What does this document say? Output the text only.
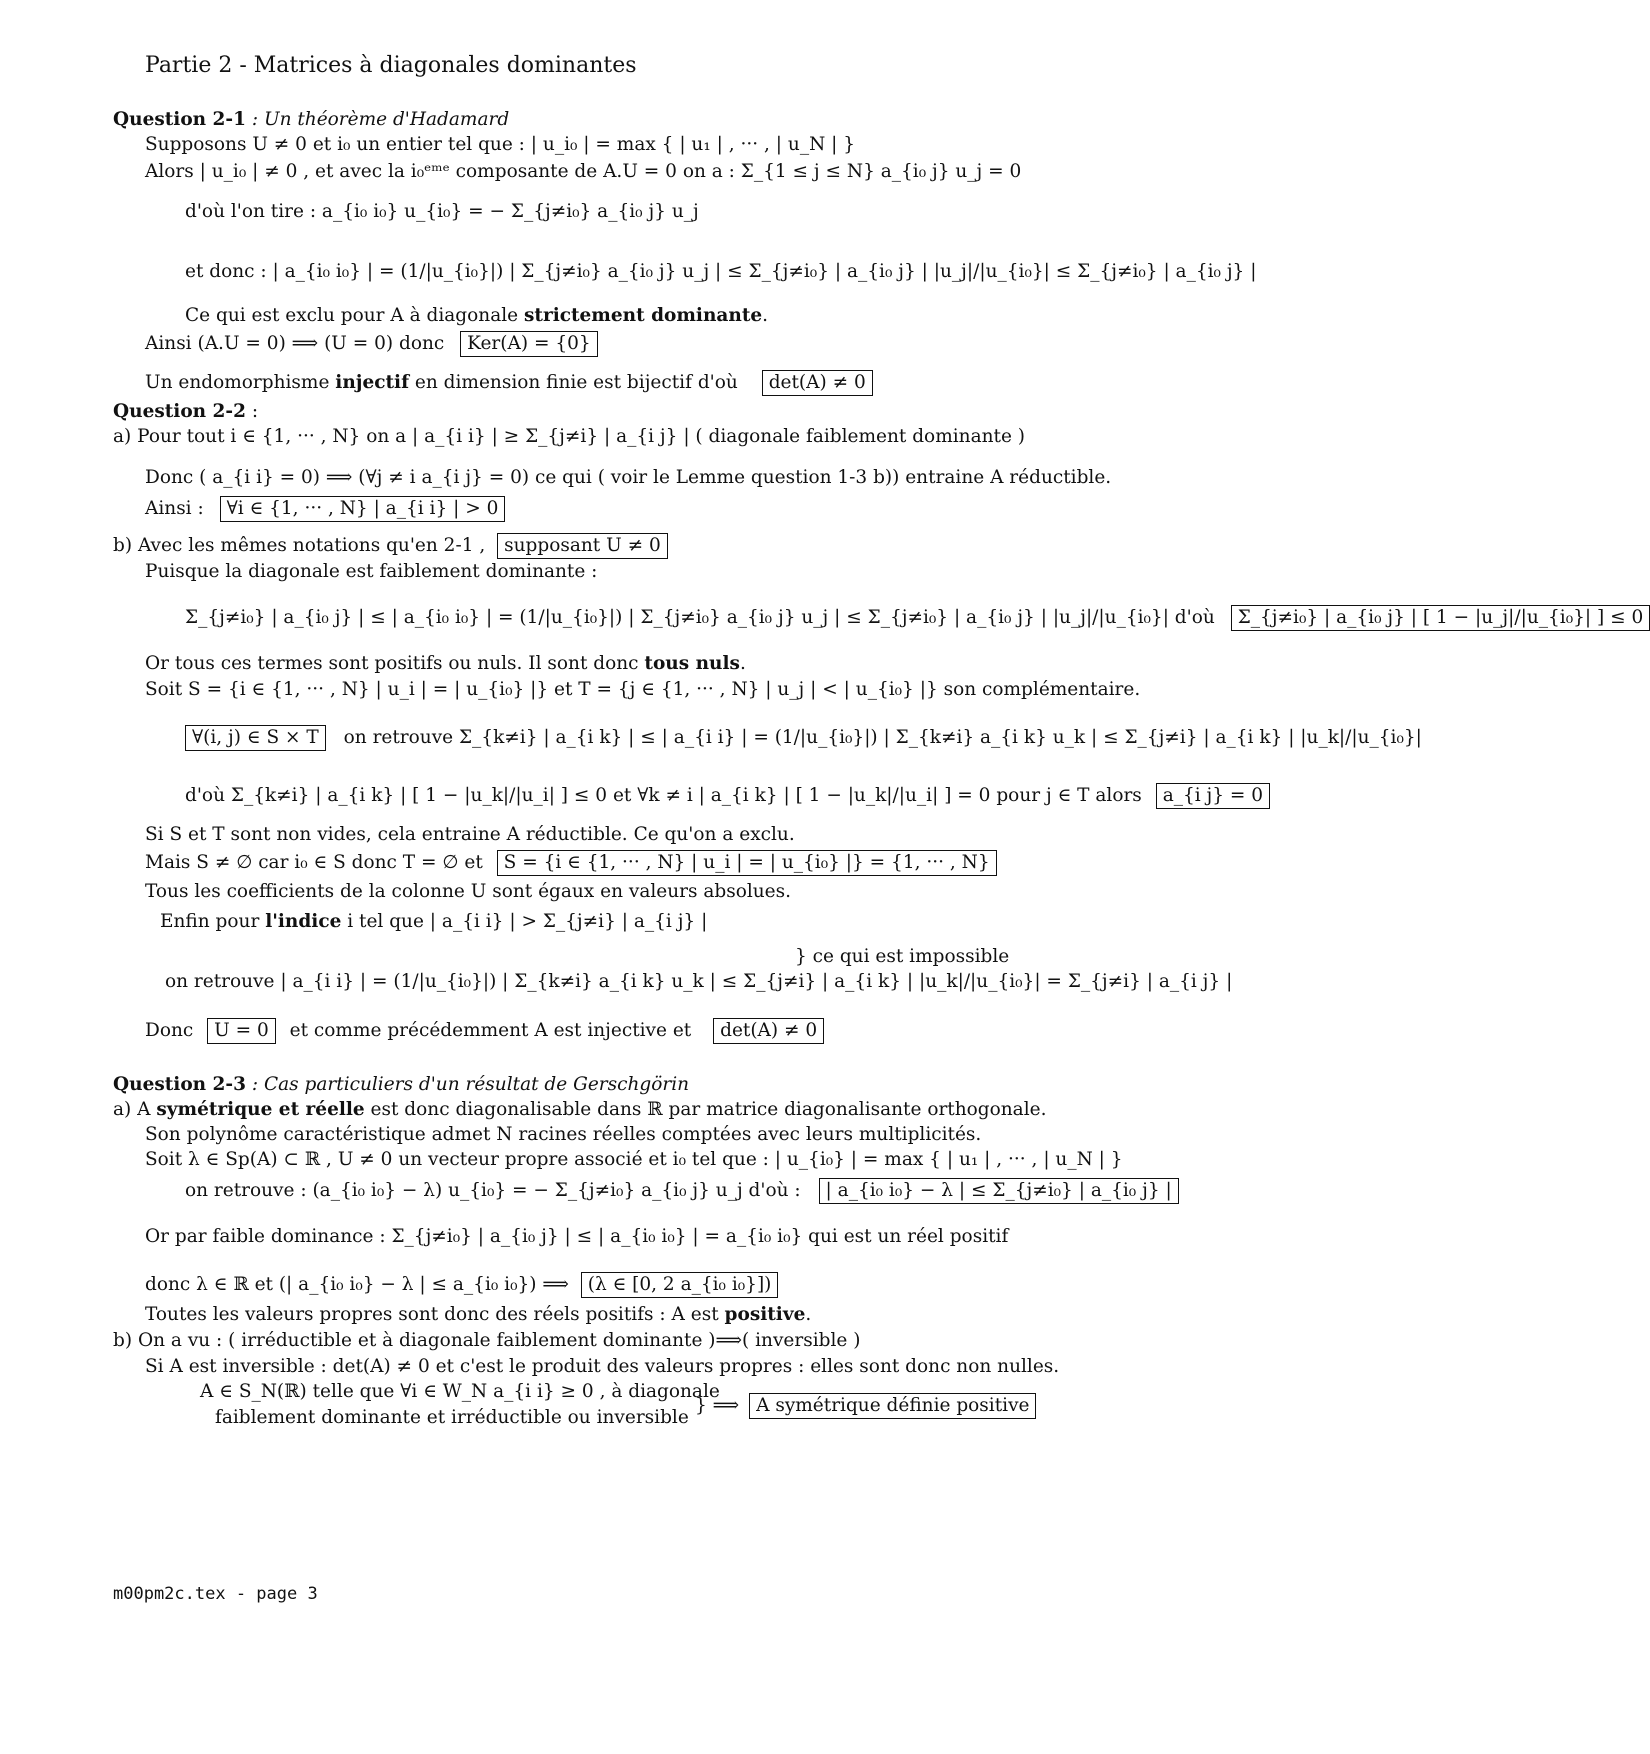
Partie 2 - Matrices à diagonales dominantes
Question 2-1 : Un théorème d'Hadamard
Supposons U ≠ 0 et i₀ un entier tel que : | u_i₀ | = max { | u₁ | , ··· , | u_N | }
Alors | u_i₀ | ≠ 0 , et avec la i₀ᵉᵐᵉ composante de A.U = 0 on a : Σ_{1 ≤ j ≤ N} a_{i₀ j} u_j = 0
d'où l'on tire : a_{i₀ i₀} u_{i₀} = − Σ_{j≠i₀} a_{i₀ j} u_j
et donc : | a_{i₀ i₀} | = (1/|u_{i₀}|) | Σ_{j≠i₀} a_{i₀ j} u_j | ≤ Σ_{j≠i₀} | a_{i₀ j} | |u_j|/|u_{i₀}| ≤ Σ_{j≠i₀} | a_{i₀ j} |
Ce qui est exclu pour A à diagonale strictement dominante.
Ainsi (A.U = 0) ⟹ (U = 0) donc Ker(A) = {0}
Un endomorphisme injectif en dimension finie est bijectif d'où det(A) ≠ 0
Question 2-2 :
a) Pour tout i ∈ {1, ··· , N} on a | a_{i i} | ≥ Σ_{j≠i} | a_{i j} | ( diagonale faiblement dominante )
Donc ( a_{i i} = 0) ⟹ (∀j ≠ i a_{i j} = 0) ce qui ( voir le Lemme question 1-3 b)) entraine A réductible.
Ainsi : ∀i ∈ {1, ··· , N} | a_{i i} | > 0
b) Avec les mêmes notations qu'en 2-1 , supposant U ≠ 0
Puisque la diagonale est faiblement dominante :
Σ_{j≠i₀} | a_{i₀ j} | ≤ | a_{i₀ i₀} | = (1/|u_{i₀}|) | Σ_{j≠i₀} a_{i₀ j} u_j | ≤ Σ_{j≠i₀} | a_{i₀ j} | |u_j|/|u_{i₀}| d'où Σ_{j≠i₀} | a_{i₀ j} | [ 1 − |u_j|/|u_{i₀}| ] ≤ 0
Or tous ces termes sont positifs ou nuls. Il sont donc tous nuls.
Soit S = {i ∈ {1, ··· , N} | u_i | = | u_{i₀} |} et T = {j ∈ {1, ··· , N} | u_j | < | u_{i₀} |} son complémentaire.
∀(i, j) ∈ S × T on retrouve Σ_{k≠i} | a_{i k} | ≤ | a_{i i} | = (1/|u_{i₀}|) | Σ_{k≠i} a_{i k} u_k | ≤ Σ_{j≠i} | a_{i k} | |u_k|/|u_{i₀}|
d'où Σ_{k≠i} | a_{i k} | [ 1 − |u_k|/|u_i| ] ≤ 0 et ∀k ≠ i | a_{i k} | [ 1 − |u_k|/|u_i| ] = 0 pour j ∈ T alors a_{i j} = 0
Si S et T sont non vides, cela entraine A réductible. Ce qu'on a exclu.
Mais S ≠ ∅ car i₀ ∈ S donc T = ∅ et S = {i ∈ {1, ··· , N} | u_i | = | u_{i₀} |} = {1, ··· , N}
Tous les coefficients de la colonne U sont égaux en valeurs absolues.
Enfin pour l'indice i tel que | a_{i i} | > Σ_{j≠i} | a_{i j} |
on retrouve | a_{i i} | = (1/|u_{i₀}|) | Σ_{k≠i} a_{i k} u_k | ≤ Σ_{j≠i} | a_{i k} | |u_k|/|u_{i₀}| = Σ_{j≠i} | a_{i j} |
} ce qui est impossible
Donc U = 0 et comme précédemment A est injective et det(A) ≠ 0
Question 2-3 : Cas particuliers d'un résultat de Gerschgörin
a) A symétrique et réelle est donc diagonalisable dans ℝ par matrice diagonalisante orthogonale.
Son polynôme caractéristique admet N racines réelles comptées avec leurs multiplicités.
Soit λ ∈ Sp(A) ⊂ ℝ , U ≠ 0 un vecteur propre associé et i₀ tel que : | u_{i₀} | = max { | u₁ | , ··· , | u_N | }
on retrouve : (a_{i₀ i₀} − λ) u_{i₀} = − Σ_{j≠i₀} a_{i₀ j} u_j d'où : | a_{i₀ i₀} − λ | ≤ Σ_{j≠i₀} | a_{i₀ j} |
Or par faible dominance : Σ_{j≠i₀} | a_{i₀ j} | ≤ | a_{i₀ i₀} | = a_{i₀ i₀} qui est un réel positif
donc λ ∈ ℝ et (| a_{i₀ i₀} − λ | ≤ a_{i₀ i₀}) ⟹ (λ ∈ [0, 2 a_{i₀ i₀}])
Toutes les valeurs propres sont donc des réels positifs : A est positive.
b) On a vu : ( irréductible et à diagonale faiblement dominante )⟹( inversible )
Si A est inversible : det(A) ≠ 0 et c'est le produit des valeurs propres : elles sont donc non nulles.
A ∈ S_N(ℝ) telle que ∀i ∈ W_N a_{i i} ≥ 0 , à diagonale
faiblement dominante et irréductible ou inversible
} ⟹ A symétrique définie positive
m00pm2c.tex - page 3
